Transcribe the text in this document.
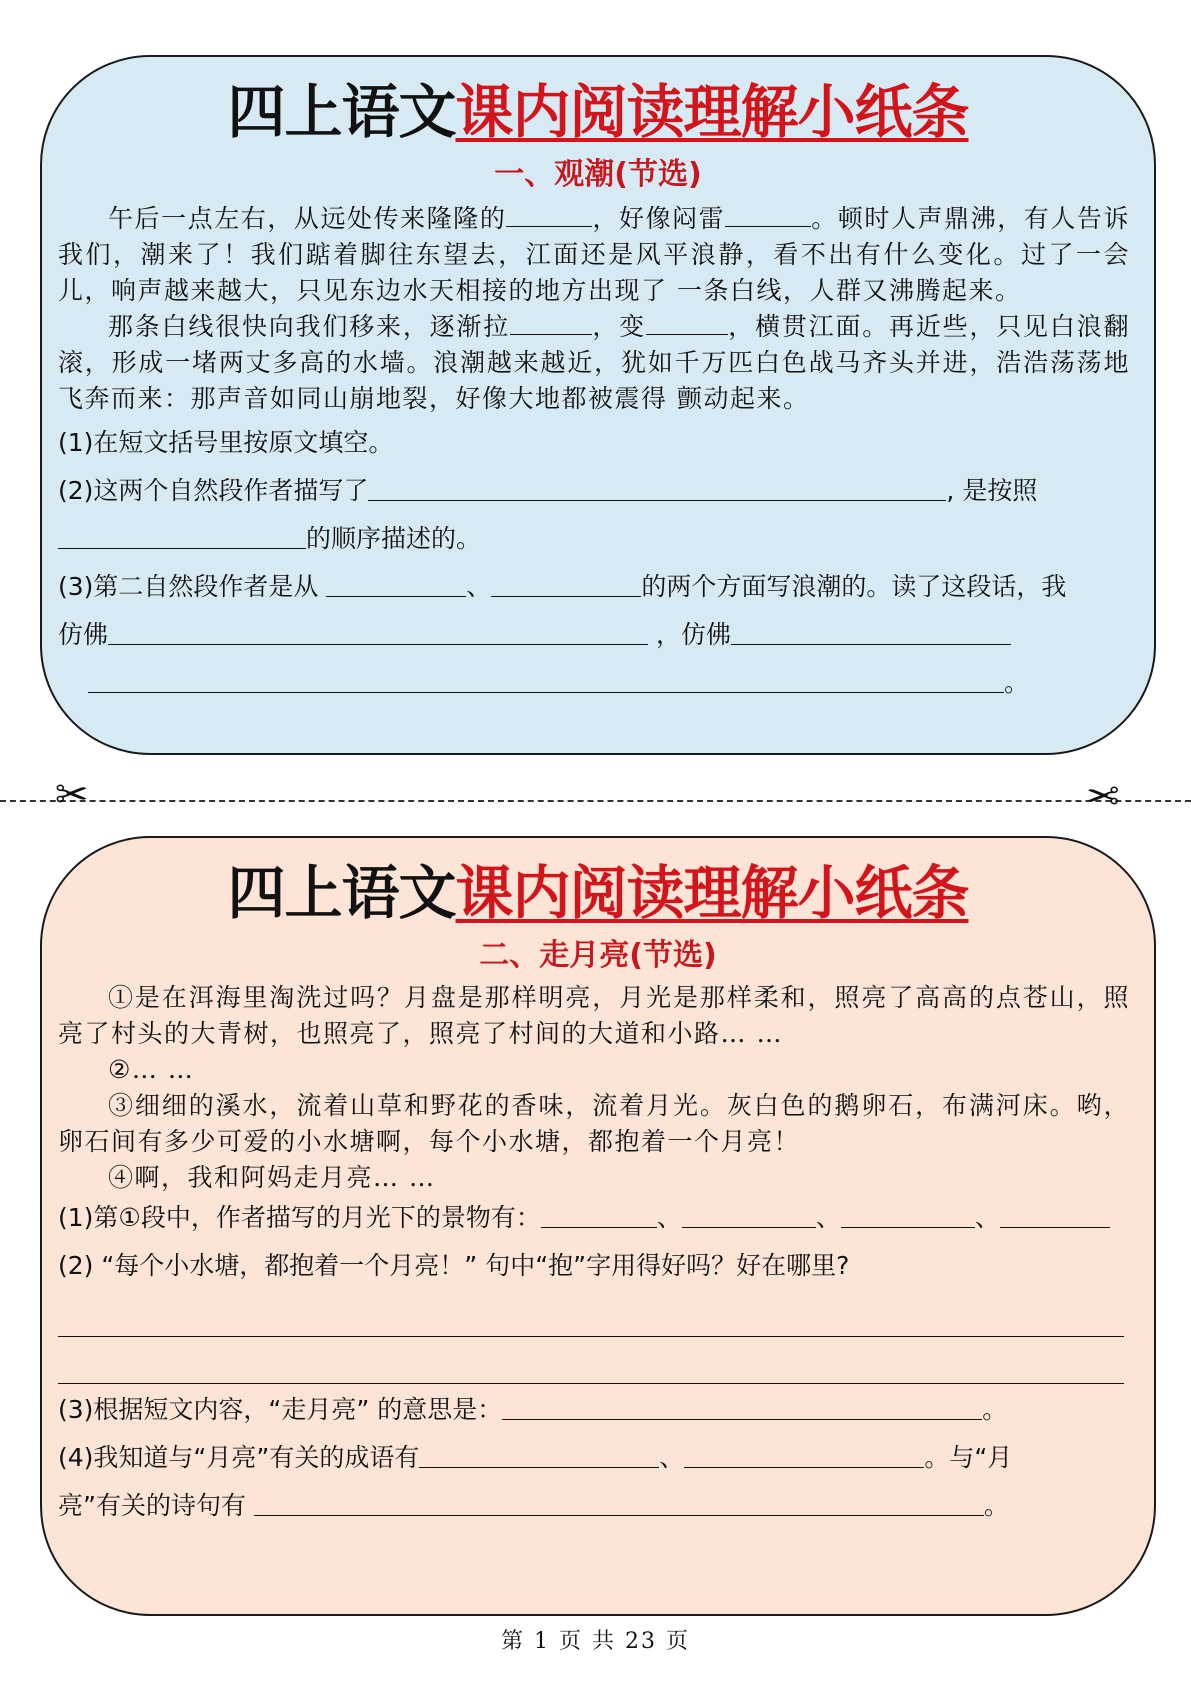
四上语文课内阅读理解小纸条
一、观潮(节选)

午后一点左右，从远处传来隆隆的	，好像闷雷	。顿时人声鼎沸，有人告诉我们，潮来了！我们踮着脚往东望去，江面还是风平浪静，看不出有什么变化。过了一会儿，响声越来越大，只见东边水天相接的地方出现了 一条白线，人群又沸腾起来。

那条白线很快向我们移来，逐渐拉	，变	，横贯江面。再近些，只见白浪翻滚，形成一堵两丈多高的水墙。浪潮越来越近，犹如千万匹白色战马齐头并进，浩浩荡荡地飞奔而来：那声音如同山崩地裂，好像大地都被震得 颤动起来。

(1)在短文括号里按原文填空。
(2)这两个自然段作者描写了	, 是按照
的顺序描述的。
(3)第二自然段作者是从	、	的两个方面写浪潮的。读了这段话，我
仿佛	，仿佛
。
✂	✂
四上语文课内阅读理解小纸条
二、走月亮(节选)

①是在洱海里淘洗过吗？月盘是那样明亮，月光是那样柔和，照亮了高高的点苍山，照亮了村头的大青树，也照亮了，照亮了村间的大道和小路… …

②… …

③细细的溪水，流着山草和野花的香味，流着月光。灰白色的鹅卵石，布满河床。哟，卵石间有多少可爱的小水塘啊，每个小水塘，都抱着一个月亮！

④啊，我和阿妈走月亮… …

(1)第①段中，作者描写的月光下的景物有：	、	、	、
(2) “每个小水塘，都抱着一个月亮！” 句中“抱”字用得好吗？好在哪里?
(3)根据短文内容，“走月亮” 的意思是：	。
(4)我知道与“月亮”有关的成语有	、	。与“月
亮”有关的诗句有	。
第 1 页 共 23 页
